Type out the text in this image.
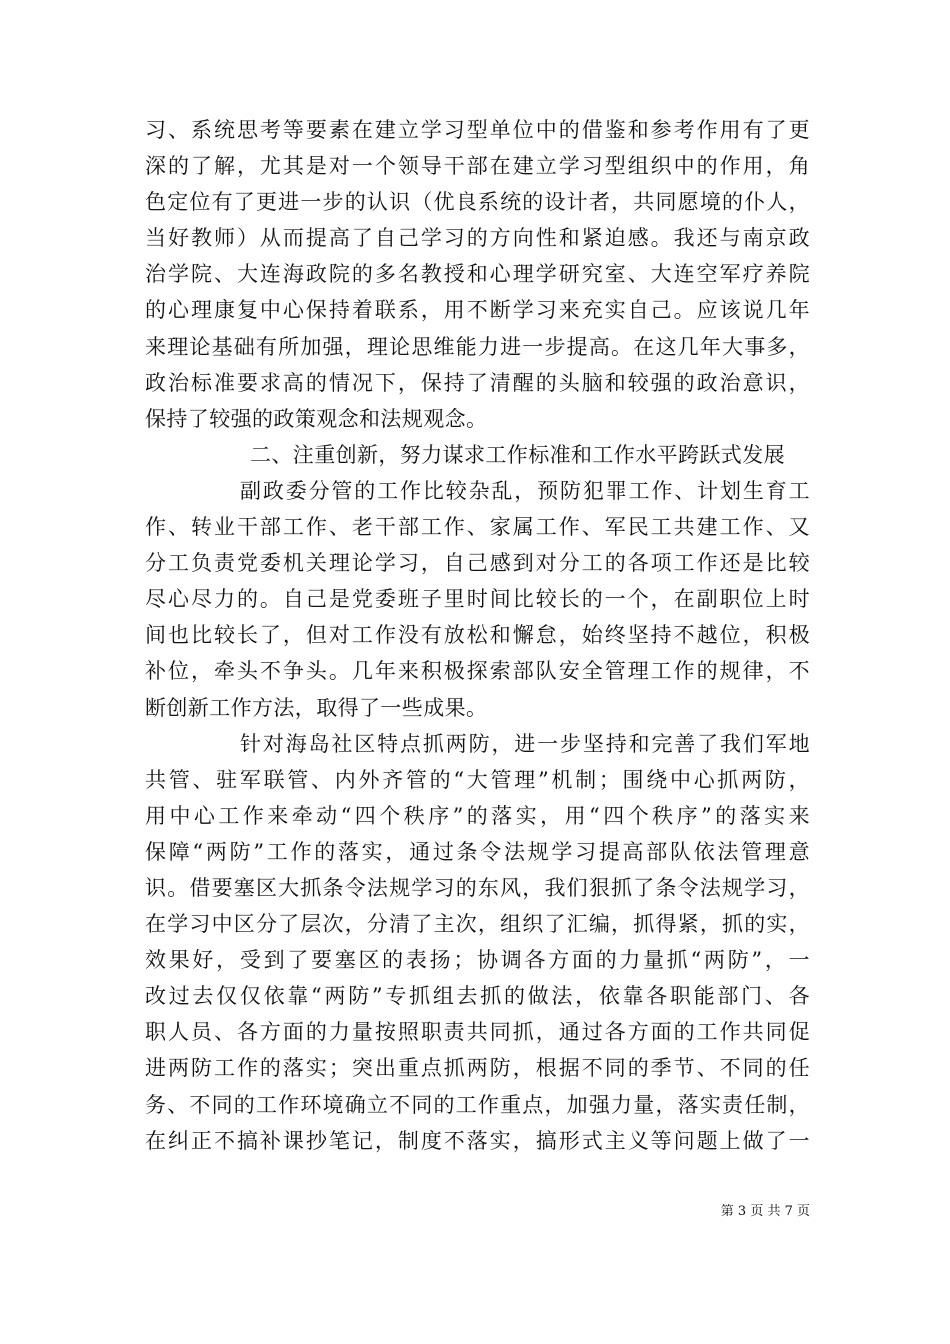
习、系统思考等要素在建立学习型单位中的借鉴和参考作用有了更
深的了解，尤其是对一个领导干部在建立学习型组织中的作用，角
色定位有了更进一步的认识（优良系统的设计者，共同愿境的仆人，
当好教师）从而提高了自己学习的方向性和紧迫感。我还与南京政
治学院、大连海政院的多名教授和心理学研究室、大连空军疗养院
的心理康复中心保持着联系，用不断学习来充实自己。应该说几年
来理论基础有所加强，理论思维能力进一步提高。在这几年大事多，
政治标准要求高的情况下，保持了清醒的头脑和较强的政治意识，
保持了较强的政策观念和法规观念。
二、注重创新，努力谋求工作标准和工作水平跨跃式发展
副政委分管的工作比较杂乱，预防犯罪工作、计划生育工
作、转业干部工作、老干部工作、家属工作、军民工共建工作、又
分工负责党委机关理论学习，自己感到对分工的各项工作还是比较
尽心尽力的。自己是党委班子里时间比较长的一个，在副职位上时
间也比较长了，但对工作没有放松和懈怠，始终坚持不越位，积极
补位，牵头不争头。几年来积极探索部队安全管理工作的规律，不
断创新工作方法，取得了一些成果。
针对海岛社区特点抓两防，进一步坚持和完善了我们军地
共管、驻军联管、内外齐管的“大管理”机制；围绕中心抓两防，
用中心工作来牵动“四个秩序”的落实，用“四个秩序”的落实来
保障“两防”工作的落实，通过条令法规学习提高部队依法管理意
识。借要塞区大抓条令法规学习的东风，我们狠抓了条令法规学习，
在学习中区分了层次，分清了主次，组织了汇编，抓得紧，抓的实，
效果好，受到了要塞区的表扬；协调各方面的力量抓“两防”，一
改过去仅仅依靠“两防”专抓组去抓的做法，依靠各职能部门、各
职人员、各方面的力量按照职责共同抓，通过各方面的工作共同促
进两防工作的落实；突出重点抓两防，根据不同的季节、不同的任
务、不同的工作环境确立不同的工作重点，加强力量，落实责任制，
在纠正不搞补课抄笔记，制度不落实，搞形式主义等问题上做了一
第 3 页 共 7 页
